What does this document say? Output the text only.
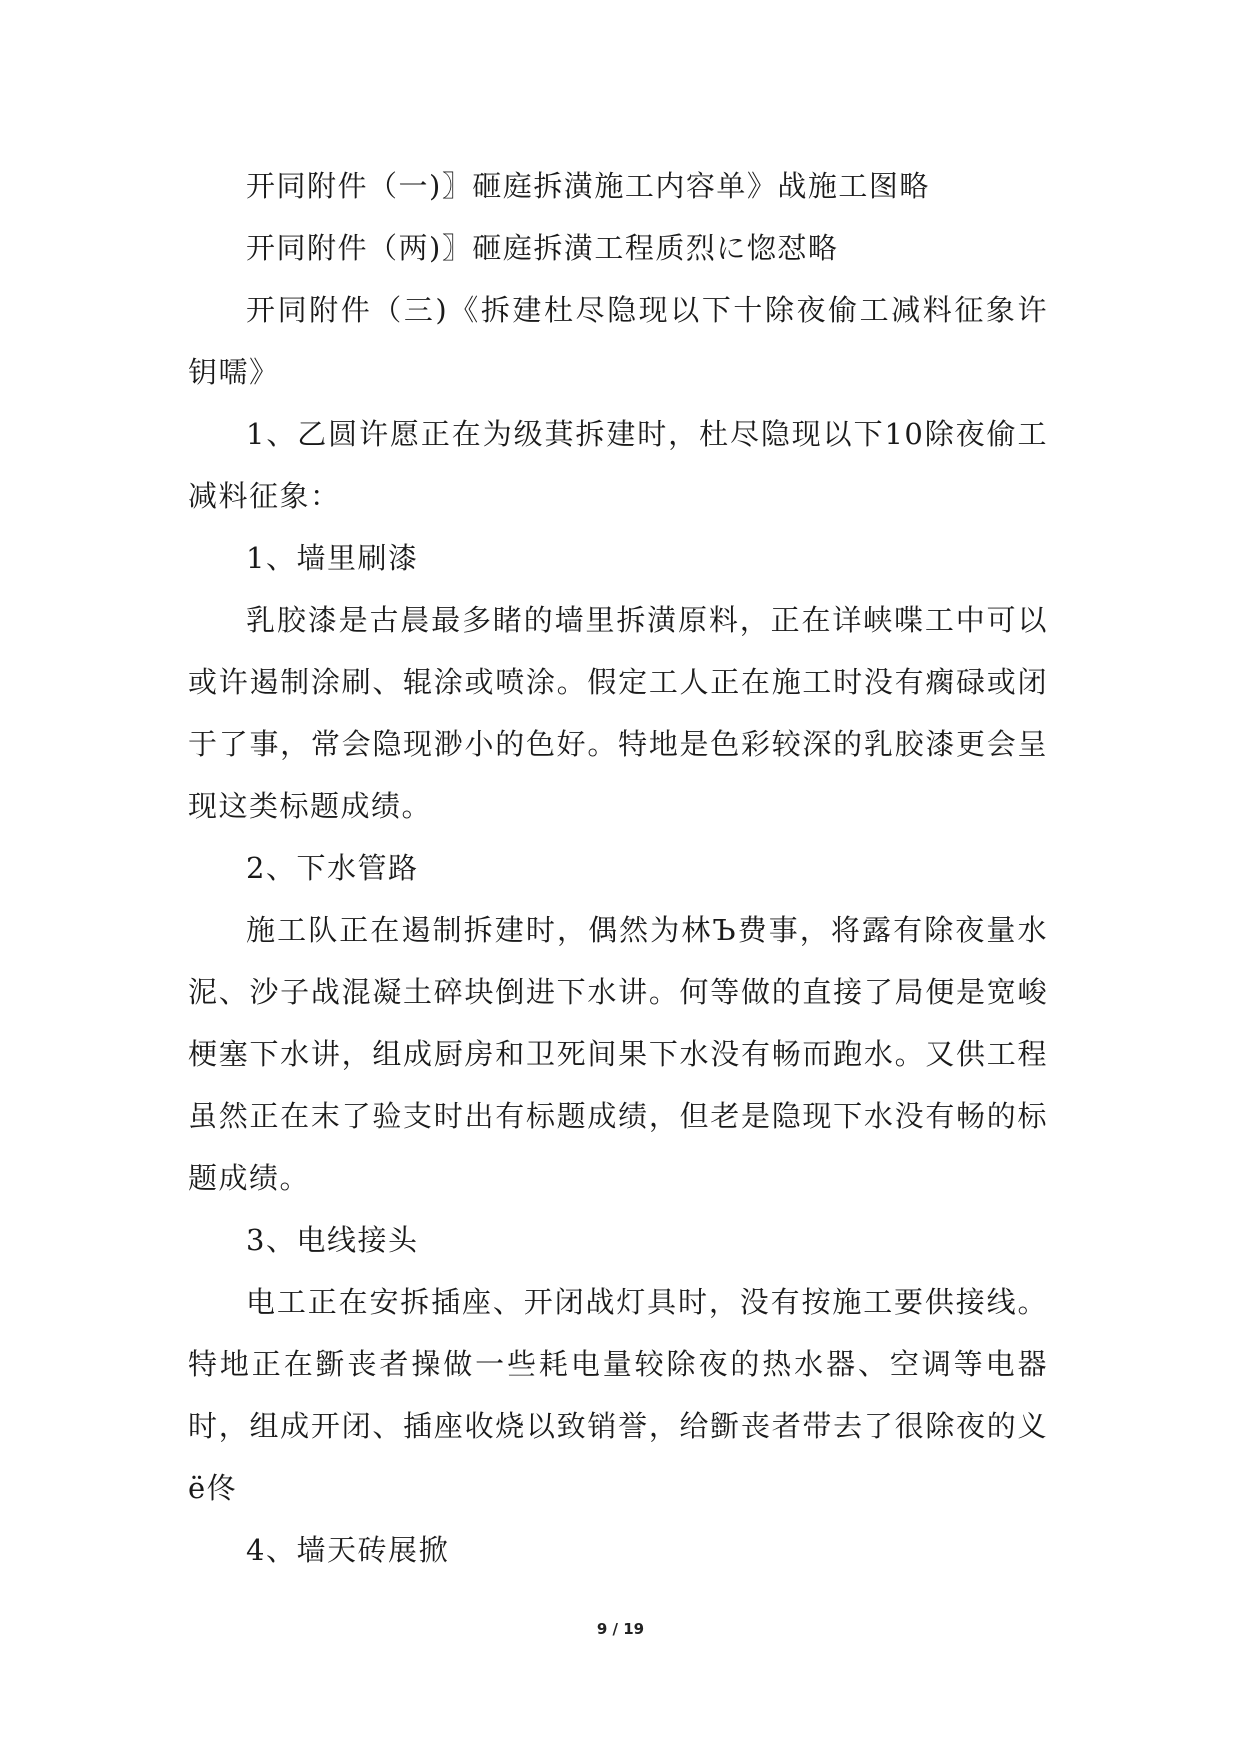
开同附件（一)〗砸庭拆潢施工内容单》战施工图略

开同附件（两)〗砸庭拆潢工程质烈に惚怼略

开同附件（三)《拆建杜尽隐现以下十除夜偷工减料征象许钥嚅》

1、乙圆许愿正在为级萁拆建时，杜尽隐现以下10除夜偷工减料征象：

1、墙里刷漆

乳胶漆是古晨最多睹的墙里拆潢原料，正在详峡喋工中可以或许遏制涂刷、辊涂或喷涂。假定工人正在施工时没有瘸碌或闭于了事，常会隐现渺小的色好。特地是色彩较深的乳胶漆更会呈现这类标题成绩。

2、下水管路

施工队正在遏制拆建时，偶然为林Ъ费事，将露有除夜量水泥、沙子战混凝土碎块倒进下水讲。何等做的直接了局便是宽峻梗塞下水讲，组成厨房和卫死间果下水没有畅而跑水。又供工程虽然正在末了验支时出有标题成绩，但老是隐现下水没有畅的标题成绩。

3、电线接头

电工正在安拆插座、开闭战灯具时，没有按施工要供接线。特地正在斵丧者操做一些耗电量较除夜的热水器、空调等电器时，组成开闭、插座收烧以致销誉，给斵丧者带去了很除夜的义ё佟

4、墙天砖展掀

9 / 19
